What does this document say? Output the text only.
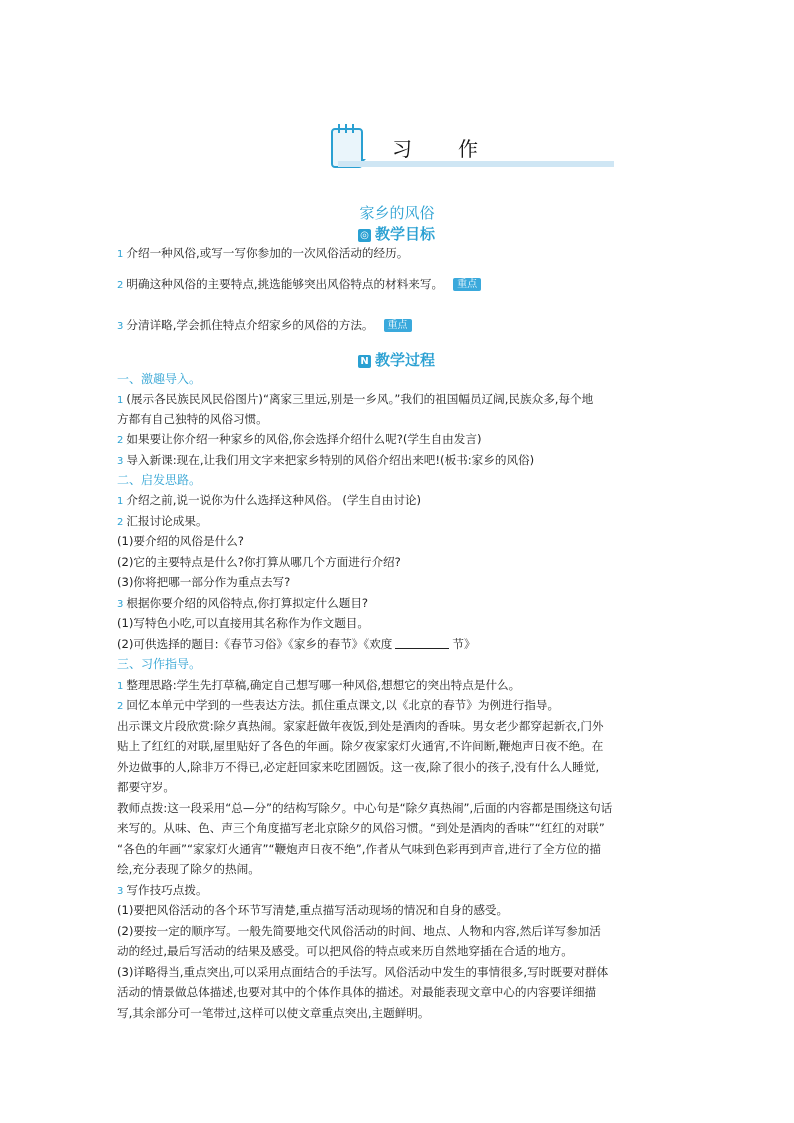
习　　作
家乡的风俗
◎ 教学目标
1 介绍一种风俗,或写一写你参加的一次风俗活动的经历。
2 明确这种风俗的主要特点,挑选能够突出风俗特点的材料来写。 重点
3 分清详略,学会抓住特点介绍家乡的风俗的方法。 重点
N 教学过程
一、激趣导入。
1 (展示各民族民风民俗图片)“离家三里远,别是一乡风。”我们的祖国幅员辽阔,民族众多,每个地
方都有自己独特的风俗习惯。
2 如果要让你介绍一种家乡的风俗,你会选择介绍什么呢?(学生自由发言)
3 导入新课:现在,让我们用文字来把家乡特别的风俗介绍出来吧!(板书:家乡的风俗)
二、启发思路。
1 介绍之前,说一说你为什么选择这种风俗。 (学生自由讨论)
2 汇报讨论成果。
(1)要介绍的风俗是什么?
(2)它的主要特点是什么?你打算从哪几个方面进行介绍?
(3)你将把哪一部分作为重点去写?
3 根据你要介绍的风俗特点,你打算拟定什么题目?
(1)写特色小吃,可以直接用其名称作为作文题目。
(2)可供选择的题目:《春节习俗》《家乡的春节》《欢度	节》
三、习作指导。
1 整理思路:学生先打草稿,确定自己想写哪一种风俗,想想它的突出特点是什么。
2 回忆本单元中学到的一些表达方法。抓住重点课文,以《北京的春节》为例进行指导。
出示课文片段欣赏:除夕真热闹。家家赶做年夜饭,到处是酒肉的香味。男女老少都穿起新衣,门外
贴上了红红的对联,屋里贴好了各色的年画。除夕夜家家灯火通宵,不许间断,鞭炮声日夜不绝。在
外边做事的人,除非万不得已,必定赶回家来吃团圆饭。这一夜,除了很小的孩子,没有什么人睡觉,
都要守岁。
教师点拨:这一段采用“总—分”的结构写除夕。中心句是“除夕真热闹”,后面的内容都是围绕这句话
来写的。从味、色、声三个角度描写老北京除夕的风俗习惯。“到处是酒肉的香味”“红红的对联”
“各色的年画”“家家灯火通宵”“鞭炮声日夜不绝”,作者从气味到色彩再到声音,进行了全方位的描
绘,充分表现了除夕的热闹。
3 写作技巧点拨。
(1)要把风俗活动的各个环节写清楚,重点描写活动现场的情况和自身的感受。
(2)要按一定的顺序写。一般先简要地交代风俗活动的时间、地点、人物和内容,然后详写参加活
动的经过,最后写活动的结果及感受。可以把风俗的特点或来历自然地穿插在合适的地方。
(3)详略得当,重点突出,可以采用点面结合的手法写。风俗活动中发生的事情很多,写时既要对群体
活动的情景做总体描述,也要对其中的个体作具体的描述。对最能表现文章中心的内容要详细描
写,其余部分可一笔带过,这样可以使文章重点突出,主题鲜明。
